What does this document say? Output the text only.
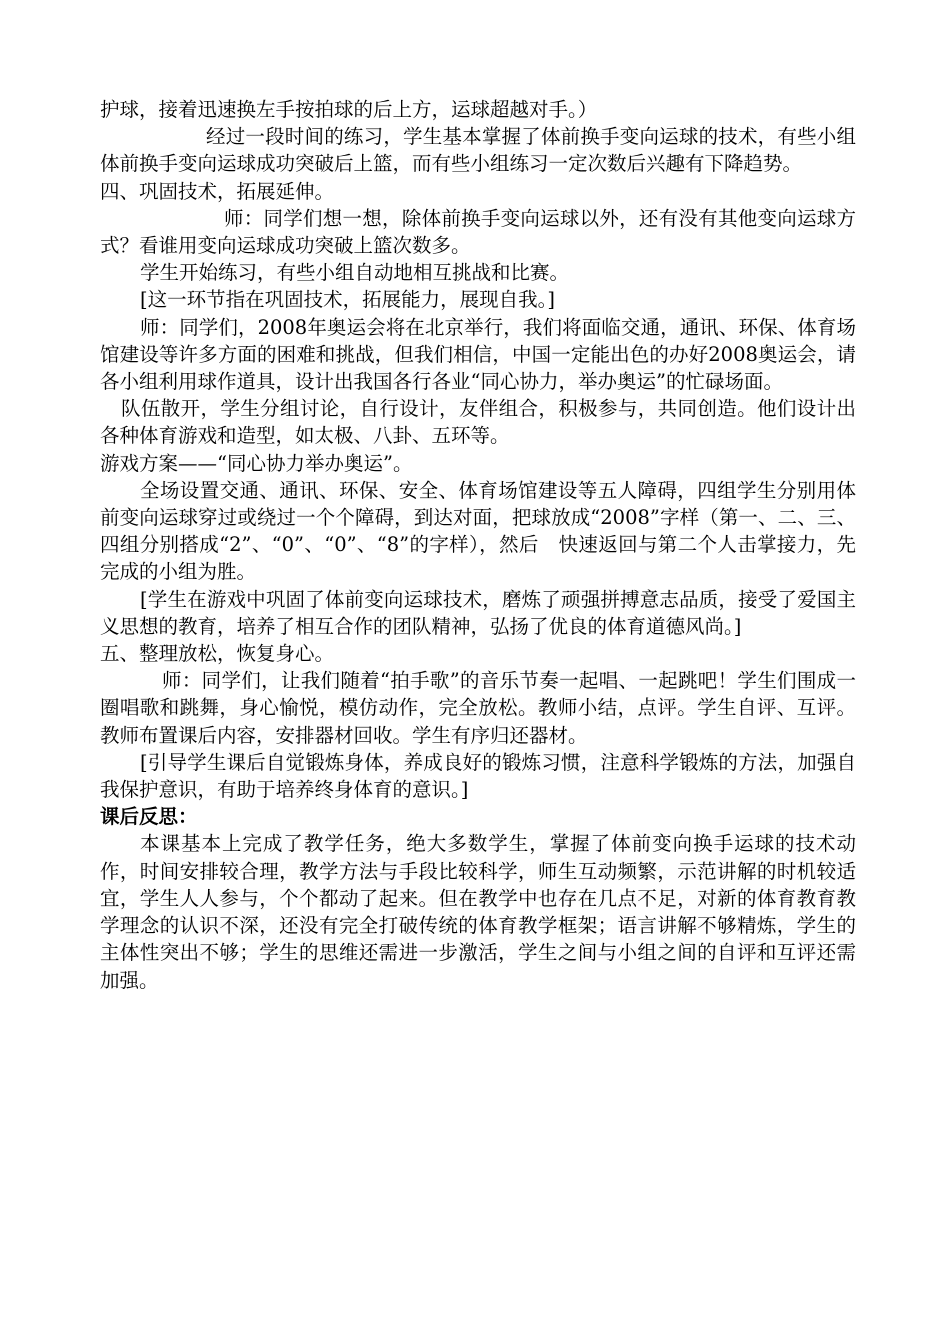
护球，接着迅速换左手按拍球的后上方，运球超越对手。）

经过一段时间的练习，学生基本掌握了体前换手变向运球的技术，有些小组体前换手变向运球成功突破后上篮，而有些小组练习一定次数后兴趣有下降趋势。

四、巩固技术，拓展延伸。

师：同学们想一想，除体前换手变向运球以外，还有没有其他变向运球方式？看谁用变向运球成功突破上篮次数多。

学生开始练习，有些小组自动地相互挑战和比赛。

[这一环节指在巩固技术，拓展能力，展现自我。]

师：同学们，2008年奥运会将在北京举行，我们将面临交通，通讯、环保、体育场馆建设等许多方面的困难和挑战，但我们相信，中国一定能出色的办好2008奥运会，请各小组利用球作道具，设计出我国各行各业“同心协力，举办奥运”的忙碌场面。

队伍散开，学生分组讨论，自行设计，友伴组合，积极参与，共同创造。他们设计出各种体育游戏和造型，如太极、八卦、五环等。

游戏方案——“同心协力举办奥运”。

全场设置交通、通讯、环保、安全、体育场馆建设等五人障碍，四组学生分别用体前变向运球穿过或绕过一个个障碍，到达对面，把球放成“2008”字样（第一、二、三、四组分别搭成“2”、“0”、“0”、“8”的字样），然后　快速返回与第二个人击掌接力，先完成的小组为胜。

[学生在游戏中巩固了体前变向运球技术，磨炼了顽强拼搏意志品质，接受了爱国主义思想的教育，培养了相互合作的团队精神，弘扬了优良的体育道德风尚。]

五、整理放松，恢复身心。

师：同学们，让我们随着“拍手歌”的音乐节奏一起唱、一起跳吧！学生们围成一圈唱歌和跳舞，身心愉悦，模仿动作，完全放松。教师小结，点评。学生自评、互评。教师布置课后内容，安排器材回收。学生有序归还器材。

[引导学生课后自觉锻炼身体，养成良好的锻炼习惯，注意科学锻炼的方法，加强自我保护意识，有助于培养终身体育的意识。]

课后反思：

本课基本上完成了教学任务，绝大多数学生，掌握了体前变向换手运球的技术动作，时间安排较合理，教学方法与手段比较科学，师生互动频繁，示范讲解的时机较适宜，学生人人参与，个个都动了起来。但在教学中也存在几点不足，对新的体育教育教学理念的认识不深，还没有完全打破传统的体育教学框架；语言讲解不够精炼，学生的主体性突出不够；学生的思维还需进一步激活，学生之间与小组之间的自评和互评还需加强。
